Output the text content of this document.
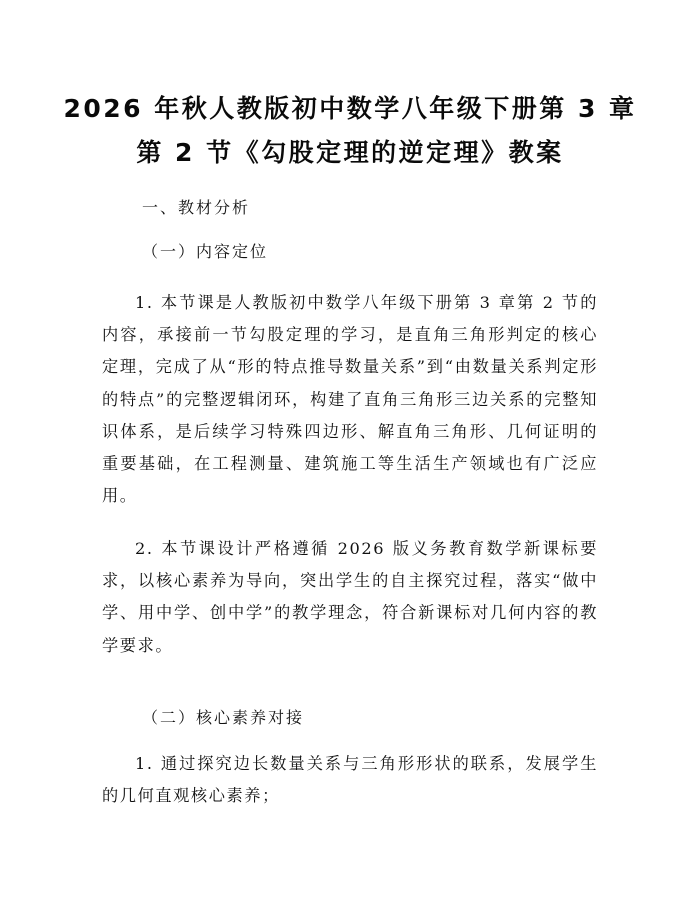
2026 年秋人教版初中数学八年级下册第 3 章
第 2 节《勾股定理的逆定理》教案
一、教材分析
（一）内容定位
1. 本节课是人教版初中数学八年级下册第 3 章第 2 节的内容，承接前一节勾股定理的学习，是直角三角形判定的核心定理，完成了从“形的特点推导数量关系”到“由数量关系判定形的特点”的完整逻辑闭环，构建了直角三角形三边关系的完整知识体系，是后续学习特殊四边形、解直角三角形、几何证明的重要基础，在工程测量、建筑施工等生活生产领域也有广泛应用。
2. 本节课设计严格遵循 2026 版义务教育数学新课标要求，以核心素养为导向，突出学生的自主探究过程，落实“做中学、用中学、创中学”的教学理念，符合新课标对几何内容的教学要求。
（二）核心素养对接
1. 通过探究边长数量关系与三角形形状的联系，发展学生的几何直观核心素养；
